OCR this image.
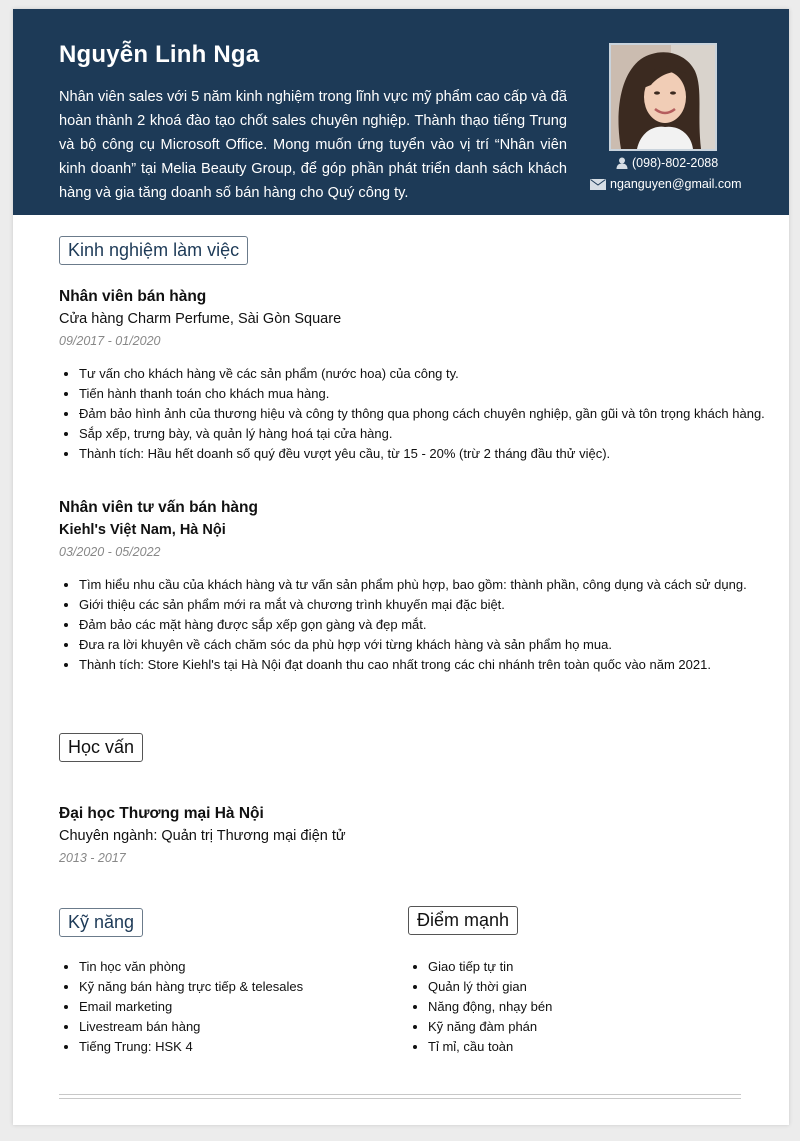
Nguyễn Linh Nga
Nhân viên sales với 5 năm kinh nghiệm trong lĩnh vực mỹ phẩm cao cấp và đã hoàn thành 2 khoá đào tạo chốt sales chuyên nghiệp. Thành thạo tiếng Trung và bộ công cụ Microsoft Office. Mong muốn ứng tuyển vào vị trí “Nhân viên kinh doanh” tại Melia Beauty Group, để góp phần phát triển danh sách khách hàng và gia tăng doanh số bán hàng cho Quý công ty.
(098)-802-2088
nganguyen@gmail.com
Kinh nghiệm làm việc
Nhân viên bán hàng
Cửa hàng Charm Perfume, Sài Gòn Square
09/2017 - 01/2020
• Tư vấn cho khách hàng về các sản phẩm (nước hoa) của công ty.
• Tiến hành thanh toán cho khách mua hàng.
• Đảm bảo hình ảnh của thương hiệu và công ty thông qua phong cách chuyên nghiệp, gần gũi và tôn trọng khách hàng.
• Sắp xếp, trưng bày, và quản lý hàng hoá tại cửa hàng.
• Thành tích: Hầu hết doanh số quý đều vượt yêu cầu, từ 15 - 20% (trừ 2 tháng đầu thử việc).
Nhân viên tư vấn bán hàng
Kiehl's Việt Nam, Hà Nội
03/2020 - 05/2022
• Tìm hiểu nhu cầu của khách hàng và tư vấn sản phẩm phù hợp, bao gồm: thành phần, công dụng và cách sử dụng.
• Giới thiệu các sản phẩm mới ra mắt và chương trình khuyến mại đặc biệt.
• Đảm bảo các mặt hàng được sắp xếp gọn gàng và đẹp mắt.
• Đưa ra lời khuyên về cách chăm sóc da phù hợp với từng khách hàng và sản phẩm họ mua.
• Thành tích: Store Kiehl's tại Hà Nội đạt doanh thu cao nhất trong các chi nhánh trên toàn quốc vào năm 2021.
Học vấn
Đại học Thương mại Hà Nội
Chuyên ngành: Quản trị Thương mại điện tử
2013 - 2017
Kỹ năng
• Tin học văn phòng
• Kỹ năng bán hàng trực tiếp & telesales
• Email marketing
• Livestream bán hàng
• Tiếng Trung: HSK 4
Điểm mạnh
• Giao tiếp tự tin
• Quản lý thời gian
• Năng động, nhạy bén
• Kỹ năng đàm phán
• Tỉ mỉ, cầu toàn
